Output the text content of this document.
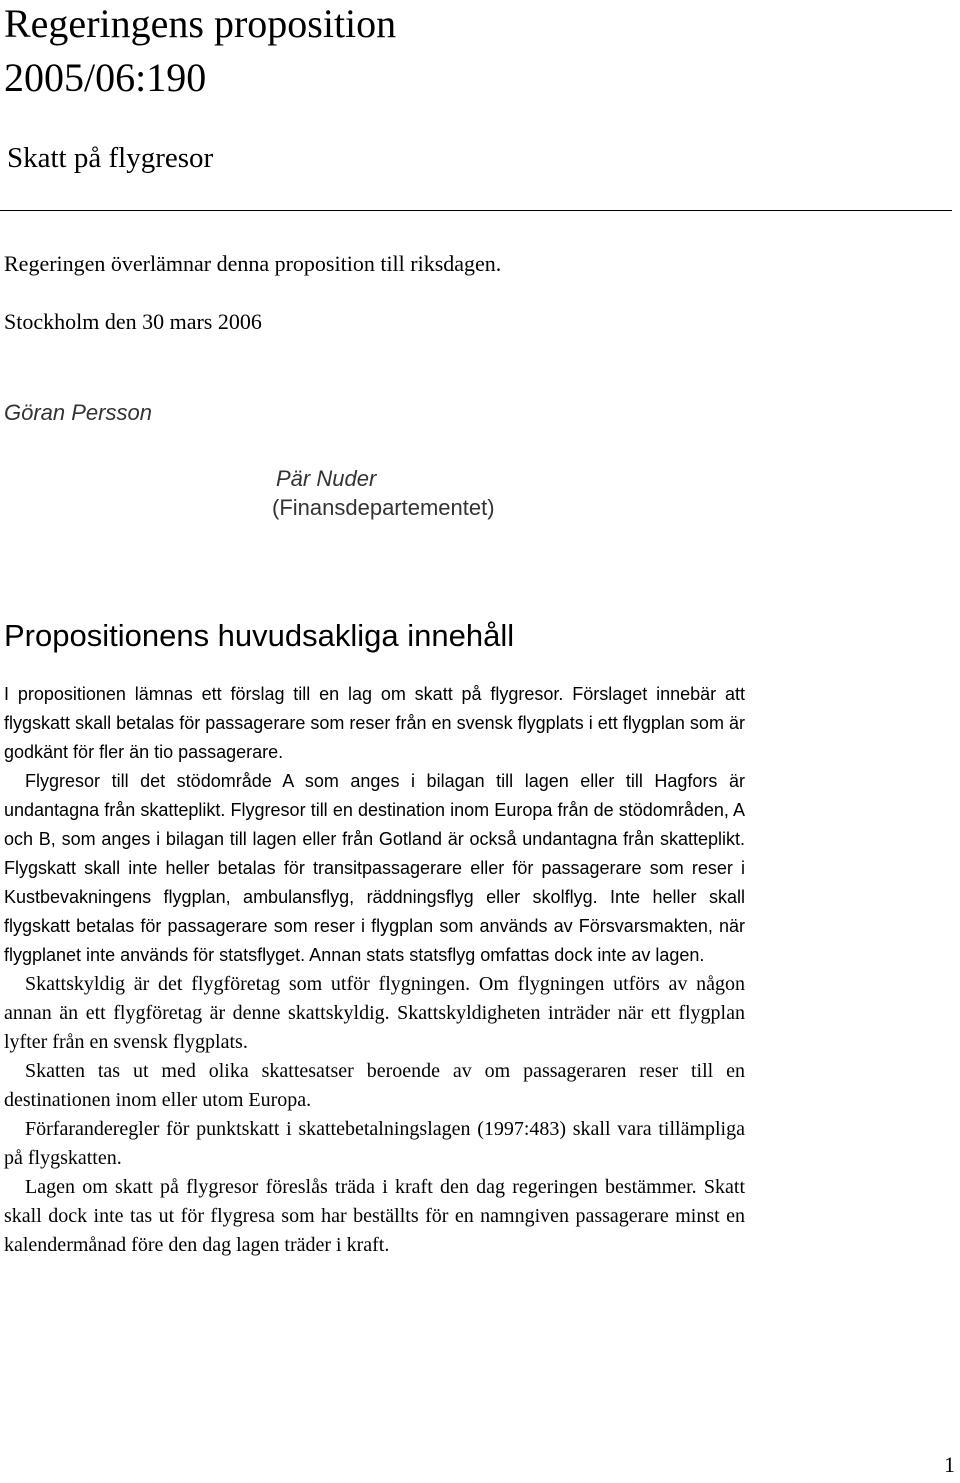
Regeringens proposition
2005/06:190
Skatt på flygresor
Regeringen överlämnar denna proposition till riksdagen.
Stockholm den 30 mars 2006
Göran Persson
Pär Nuder
(Finansdepartementet)
Propositionens huvudsakliga innehåll

I propositionen lämnas ett förslag till en lag om skatt på flygresor. Förslaget innebär att flygskatt skall betalas för passagerare som reser från en svensk flygplats i ett flygplan som är godkänt för fler än tio passagerare.

Flygresor till det stödområde A som anges i bilagan till lagen eller till Hagfors är undantagna från skatteplikt. Flygresor till en destination inom Europa från de stödområden, A och B, som anges i bilagan till lagen eller från Gotland är också undantagna från skatteplikt. Flygskatt skall inte heller betalas för transitpassagerare eller för passagerare som reser i Kustbevakningens flygplan, ambulansflyg, räddningsflyg eller skolflyg. Inte heller skall flygskatt betalas för passagerare som reser i flygplan som används av Försvarsmakten, när flygplanet inte används för statsflyget. Annan stats statsflyg omfattas dock inte av lagen.

Skattskyldig är det flygföretag som utför flygningen. Om flygningen utförs av någon annan än ett flygföretag är denne skattskyldig. Skattskyldigheten inträder när ett flygplan lyfter från en svensk flygplats.

Skatten tas ut med olika skattesatser beroende av om passageraren reser till en destinationen inom eller utom Europa.

Förfaranderegler för punktskatt i skattebetalningslagen (1997:483) skall vara tillämpliga på flygskatten.

Lagen om skatt på flygresor föreslås träda i kraft den dag regeringen bestämmer. Skatt skall dock inte tas ut för flygresa som har beställts för en namngiven passagerare minst en kalendermånad före den dag lagen träder i kraft.

1
